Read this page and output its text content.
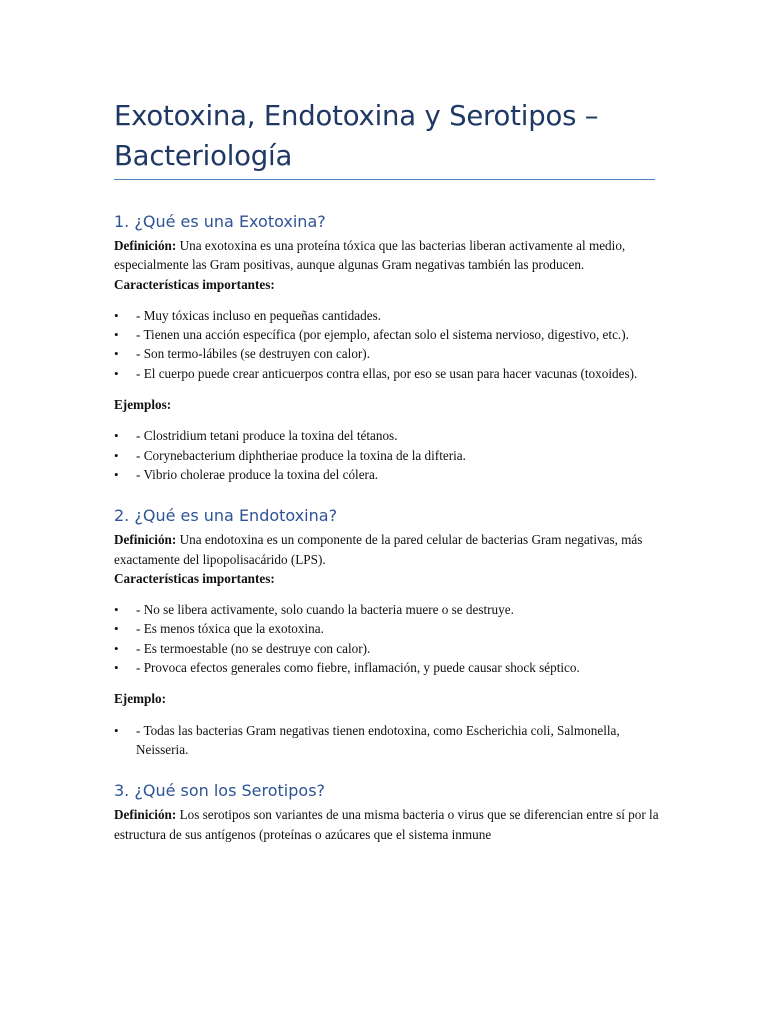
Exotoxina, Endotoxina y Serotipos – Bacteriología
1. ¿Qué es una Exotoxina?

Definición: Una exotoxina es una proteína tóxica que las bacterias liberan activamente al medio, especialmente las Gram positivas, aunque algunas Gram negativas también las producen.

Características importantes:

• - Muy tóxicas incluso en pequeñas cantidades.
• - Tienen una acción específica (por ejemplo, afectan solo el sistema nervioso, digestivo, etc.).
• - Son termo-lábiles (se destruyen con calor).
• - El cuerpo puede crear anticuerpos contra ellas, por eso se usan para hacer vacunas (toxoides).

Ejemplos:

• - Clostridium tetani produce la toxina del tétanos.
• - Corynebacterium diphtheriae produce la toxina de la difteria.
• - Vibrio cholerae produce la toxina del cólera.
2. ¿Qué es una Endotoxina?

Definición: Una endotoxina es un componente de la pared celular de bacterias Gram negativas, más exactamente del lipopolisacárido (LPS).

Características importantes:

• - No se libera activamente, solo cuando la bacteria muere o se destruye.
• - Es menos tóxica que la exotoxina.
• - Es termoestable (no se destruye con calor).
• - Provoca efectos generales como fiebre, inflamación, y puede causar shock séptico.

Ejemplo:

• - Todas las bacterias Gram negativas tienen endotoxina, como Escherichia coli, Salmonella, Neisseria.
3. ¿Qué son los Serotipos?

Definición: Los serotipos son variantes de una misma bacteria o virus que se diferencian entre sí por la estructura de sus antígenos (proteínas o azúcares que el sistema inmune
